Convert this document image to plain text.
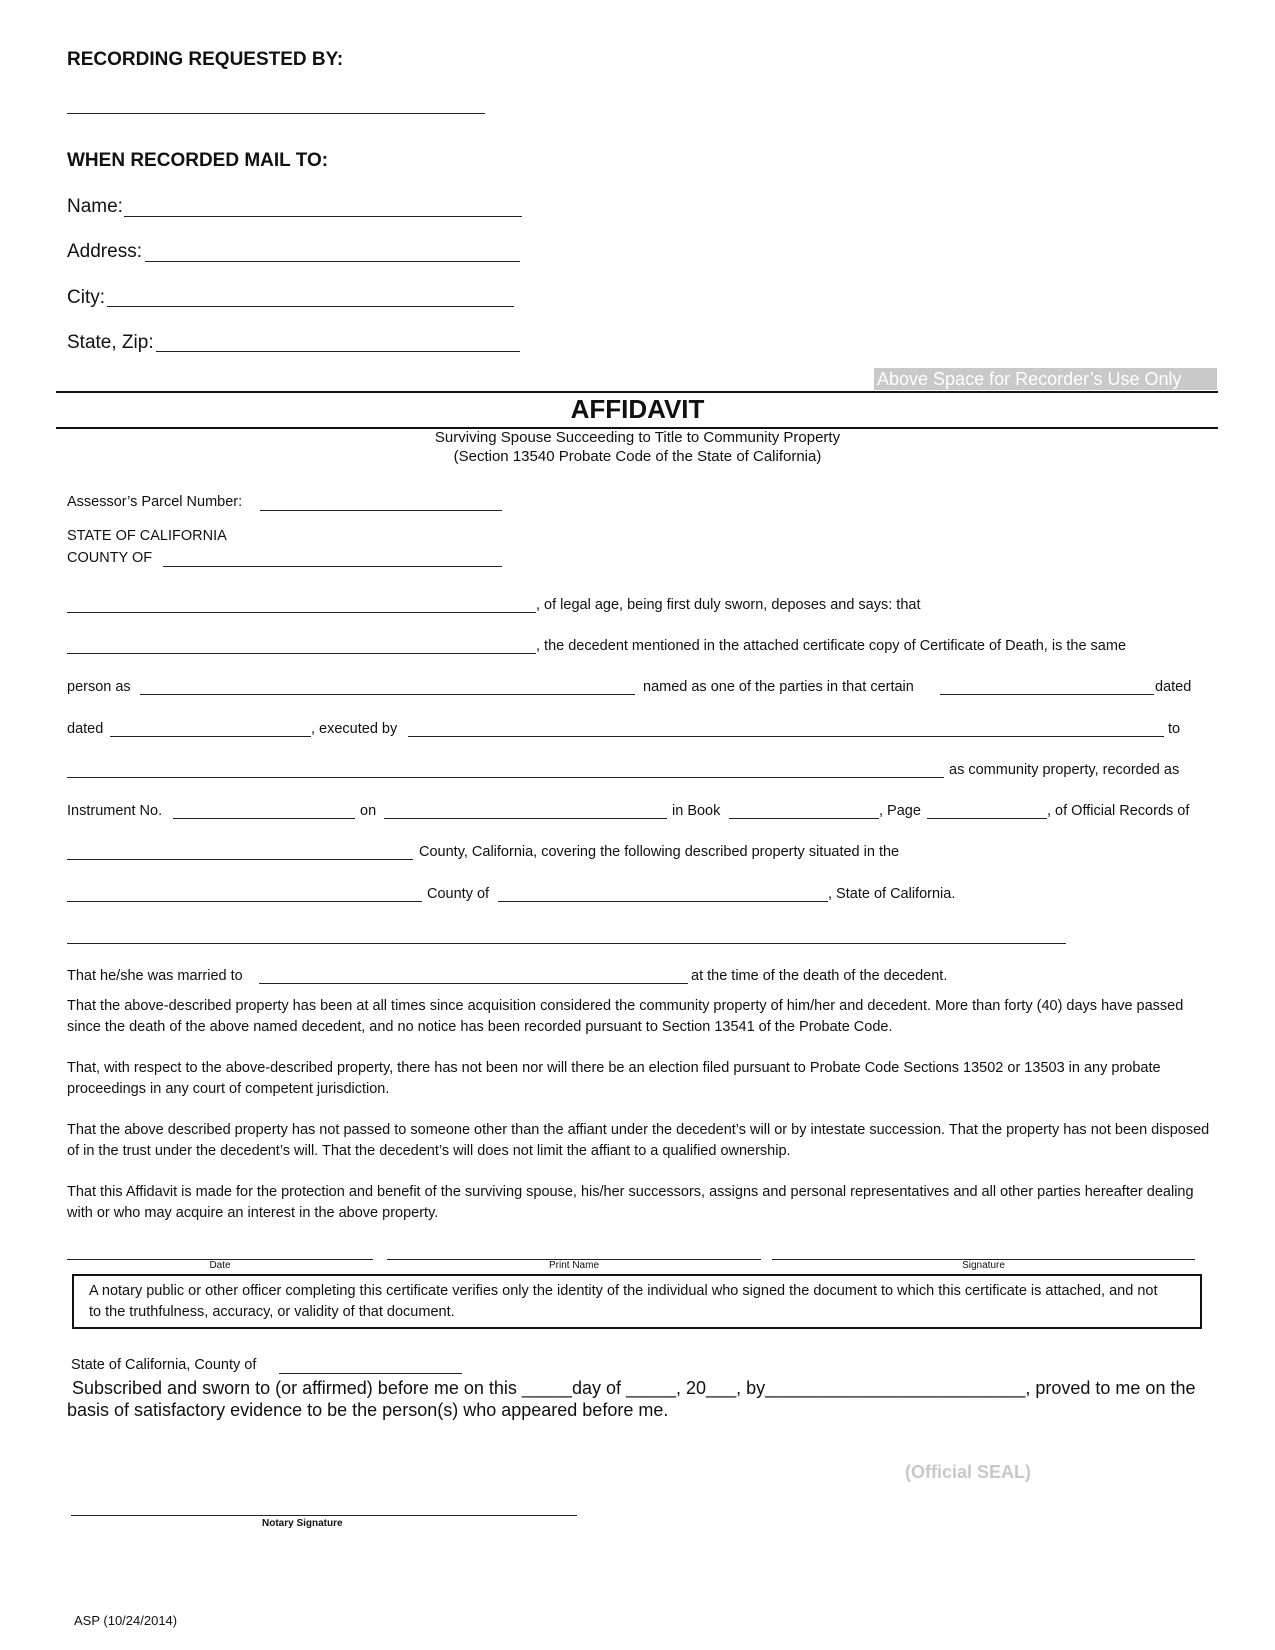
RECORDING REQUESTED BY:
WHEN RECORDED MAIL TO:
Name:
Address:
City:
State, Zip:
Above Space for Recorder’s Use Only
AFFIDAVIT
Surviving Spouse Succeeding to Title to Community Property
(Section 13540 Probate Code of the State of California)
Assessor’s Parcel Number:
STATE OF CALIFORNIA
COUNTY OF
, of legal age, being first duly sworn, deposes and says: that
, the decedent mentioned in the attached certificate copy of Certificate of Death, is the same
person as	named as one of the parties in that certain	dated
dated	, executed by	to
as community property, recorded as
Instrument No.	on	in Book	, Page	, of Official Records of
County, California, covering the following described property situated in the
County of	, State of California.
That he/she was married to	at the time of the death of the decedent.
That the above-described property has been at all times since acquisition considered the community property of him/her and decedent. More than forty (40) days have passed since the death of the above named decedent, and no notice has been recorded pursuant to Section 13541 of the Probate Code.
That, with respect to the above-described property, there has not been nor will there be an election filed pursuant to Probate Code Sections 13502 or 13503 in any probate proceedings in any court of competent jurisdiction.
That the above described property has not passed to someone other than the affiant under the decedent’s will or by intestate succession. That the property has not been disposed of in the trust under the decedent’s will. That the decedent’s will does not limit the affiant to a qualified ownership.
That this Affidavit is made for the protection and benefit of the surviving spouse, his/her successors, assigns and personal representatives and all other parties hereafter dealing with or who may acquire an interest in the above property.
Date	Print Name	Signature
A notary public or other officer completing this certificate verifies only the identity of the individual who signed the document to which this certificate is attached, and not to the truthfulness, accuracy, or validity of that document.
State of California, County of
Subscribed and sworn to (or affirmed) before me on this _____day of _____, 20___, by__________________________, proved to me on the
basis of satisfactory evidence to be the person(s) who appeared before me.
(Official SEAL)
Notary Signature
ASP (10/24/2014)
